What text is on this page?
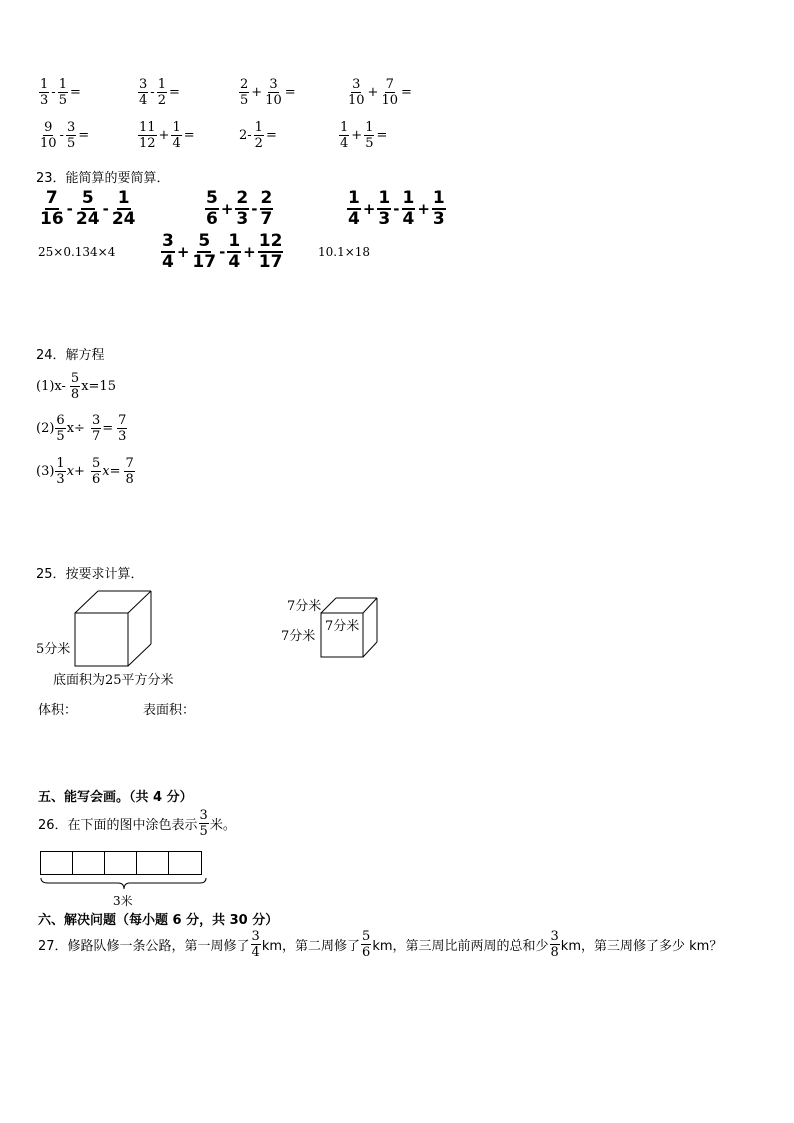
$\frac{1}{3} - \frac{1}{5}$ =	$\frac{3}{4} - \frac{1}{2}$ =	$\frac{2}{5} + \frac{3}{10}$ =	$\frac{3}{10} + \frac{7}{10}$ =
$\frac{9}{10} - \frac{3}{5}$ =	$\frac{11}{12} + \frac{1}{4}$ =	$2- \frac{1}{2}$ =	$\frac{1}{4} + \frac{1}{5}$ =
23．能简算的要简算．
$\frac{7}{16} - \frac{5}{24} - \frac{1}{24}$	$\frac{5}{6} + \frac{2}{3} - \frac{2}{7}$	$\frac{1}{4} + \frac{1}{3} - \frac{1}{4} + \frac{1}{3}$
25×0.134×4	$\frac{3}{4} + \frac{5}{17} - \frac{1}{4} + \frac{12}{17}$	10.1×18
24．解方程
$(1)x- \frac{5}{8} x=15$
$(2) \frac{6}{5} x\div \frac{3}{7} = \frac{7}{3}$
$(3) \frac{1}{3}$ $x + \frac{5}{6}$ $x = \frac{7}{8}$
25．按要求计算．
5分米
底面积为25平方分米
7分米
7分米
7分米
体积：	表面积：
五、能写会画。（共 4 分）
26．在下面的图中涂色表示 $\frac{3}{5}$ 米。
3米
六、解决问题（每小题 6 分，共 30 分）
27．修路队修一条公路，第一周修了 $\frac{3}{4}$ km，第二周修了 $\frac{5}{6}$ km，第三周比前两周的总和少 $\frac{3}{8}$ km，第三周修了多少 km？
